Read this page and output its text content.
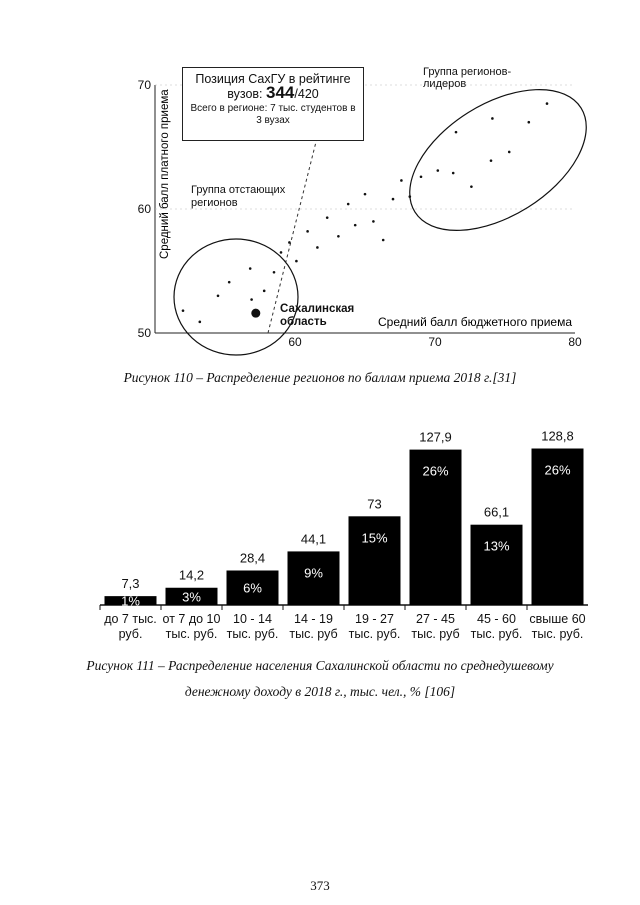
60	70	80
70
60
50
Средний балл платного приема
Средний балл бюджетного приема
Позиция СахГУ в рейтинге
вузов: 344/420
Всего в регионе: 7 тыс. студентов в 3 вузах
Группа регионов-лидеров
Группа отстающих регионов
Сахалинская область
Рисунок 110 – Распределение регионов по баллам приема 2018 г.[31]
7,3
1%
до 7 тыс.
руб.
14,2
3%
от 7 до 10
тыс. руб.
28,4
6%
10 - 14
тыс. руб.
44,1
9%
14 - 19
тыс. руб
73
15%
19 - 27
тыс. руб.
127,9
26%
27 - 45
тыс. руб
66,1
13%
45 - 60
тыс. руб.
128,8
26%
свыше 60
тыс. руб.
Рисунок 111 – Распределение населения Сахалинской области по среднедушевому
денежному доходу в 2018 г., тыс. чел., % [106]
373
